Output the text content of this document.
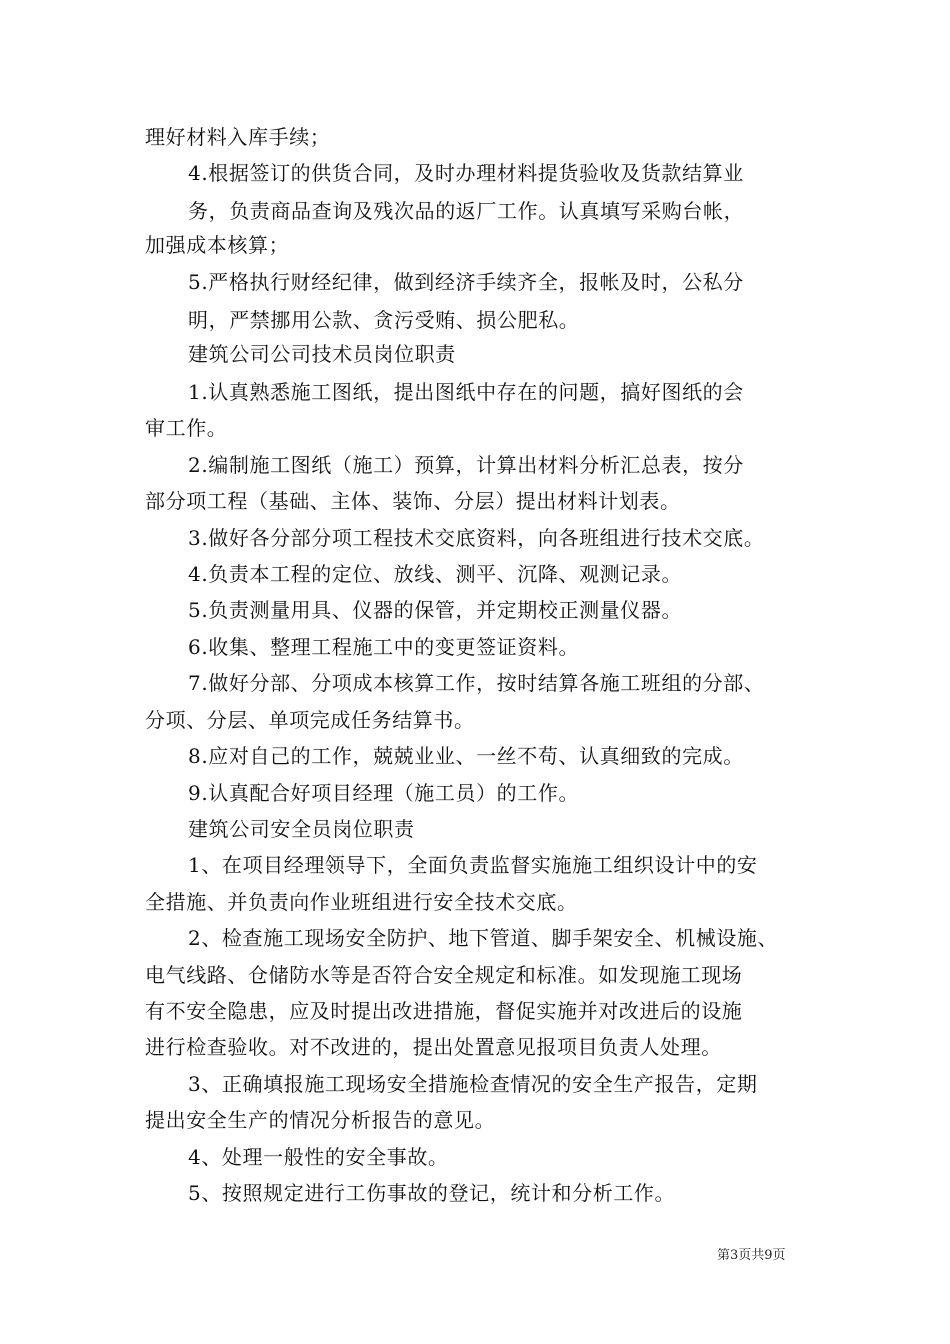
理好材料入库手续；
4.根据签订的供货合同，及时办理材料提货验收及货款结算业
务，负责商品查询及残次品的返厂工作。认真填写采购台帐，
加强成本核算；
5.严格执行财经纪律，做到经济手续齐全，报帐及时，公私分
明，严禁挪用公款、贪污受贿、损公肥私。
建筑公司公司技术员岗位职责
1.认真熟悉施工图纸，提出图纸中存在的问题，搞好图纸的会
审工作。
2.编制施工图纸（施工）预算，计算出材料分析汇总表，按分
部分项工程（基础、主体、装饰、分层）提出材料计划表。
3.做好各分部分项工程技术交底资料，向各班组进行技术交底。
4.负责本工程的定位、放线、测平、沉降、观测记录。
5.负责测量用具、仪器的保管，并定期校正测量仪器。
6.收集、整理工程施工中的变更签证资料。
7.做好分部、分项成本核算工作，按时结算各施工班组的分部、
分项、分层、单项完成任务结算书。
8.应对自己的工作，兢兢业业、一丝不苟、认真细致的完成。
9.认真配合好项目经理（施工员）的工作。
建筑公司安全员岗位职责
1、在项目经理领导下，全面负责监督实施施工组织设计中的安
全措施、并负责向作业班组进行安全技术交底。
2、检查施工现场安全防护、地下管道、脚手架安全、机械设施、
电气线路、仓储防水等是否符合安全规定和标准。如发现施工现场
有不安全隐患，应及时提出改进措施，督促实施并对改进后的设施
进行检查验收。对不改进的，提出处置意见报项目负责人处理。
3、正确填报施工现场安全措施检查情况的安全生产报告，定期
提出安全生产的情况分析报告的意见。
4、处理一般性的安全事故。
5、按照规定进行工伤事故的登记，统计和分析工作。
第3页共9页
